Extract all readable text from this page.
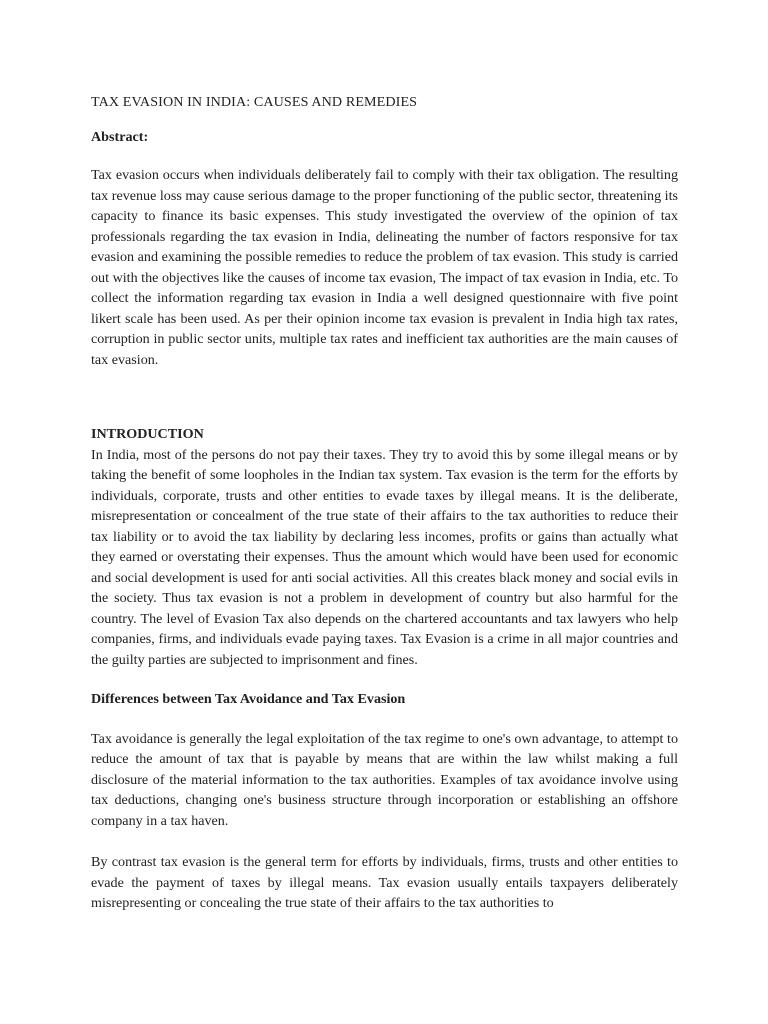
TAX EVASION IN INDIA: CAUSES AND REMEDIES
Abstract:

Tax evasion occurs when individuals deliberately fail to comply with their tax obligation. The resulting tax revenue loss may cause serious damage to the proper functioning of the public sector, threatening its capacity to finance its basic expenses. This study investigated the overview of the opinion of tax professionals regarding the tax evasion in India, delineating the number of factors responsive for tax evasion and examining the possible remedies to reduce the problem of tax evasion. This study is carried out with the objectives like the causes of income tax evasion, The impact of tax evasion in India, etc. To collect the information regarding tax evasion in India a well designed questionnaire with five point likert scale has been used. As per their opinion income tax evasion is prevalent in India high tax rates, corruption in public sector units, multiple tax rates and inefficient tax authorities are the main causes of tax evasion.

INTRODUCTION

In India, most of the persons do not pay their taxes. They try to avoid this by some illegal means or by taking the benefit of some loopholes in the Indian tax system. Tax evasion is the term for the efforts by individuals, corporate, trusts and other entities to evade taxes by illegal means. It is the deliberate, misrepresentation or concealment of the true state of their affairs to the tax authorities to reduce their tax liability or to avoid the tax liability by declaring less incomes, profits or gains than actually what they earned or overstating their expenses. Thus the amount which would have been used for economic and social development is used for anti social activities. All this creates black money and social evils in the society. Thus tax evasion is not a problem in development of country but also harmful for the country. The level of Evasion Tax also depends on the chartered accountants and tax lawyers who help companies, firms, and individuals evade paying taxes. Tax Evasion is a crime in all major countries and the guilty parties are subjected to imprisonment and fines.

Differences between Tax Avoidance and Tax Evasion

Tax avoidance is generally the legal exploitation of the tax regime to one's own advantage, to attempt to reduce the amount of tax that is payable by means that are within the law whilst making a full disclosure of the material information to the tax authorities. Examples of tax avoidance involve using tax deductions, changing one's business structure through incorporation or establishing an offshore company in a tax haven.

By contrast tax evasion is the general term for efforts by individuals, firms, trusts and other entities to evade the payment of taxes by illegal means. Tax evasion usually entails taxpayers deliberately misrepresenting or concealing the true state of their affairs to the tax authorities to
